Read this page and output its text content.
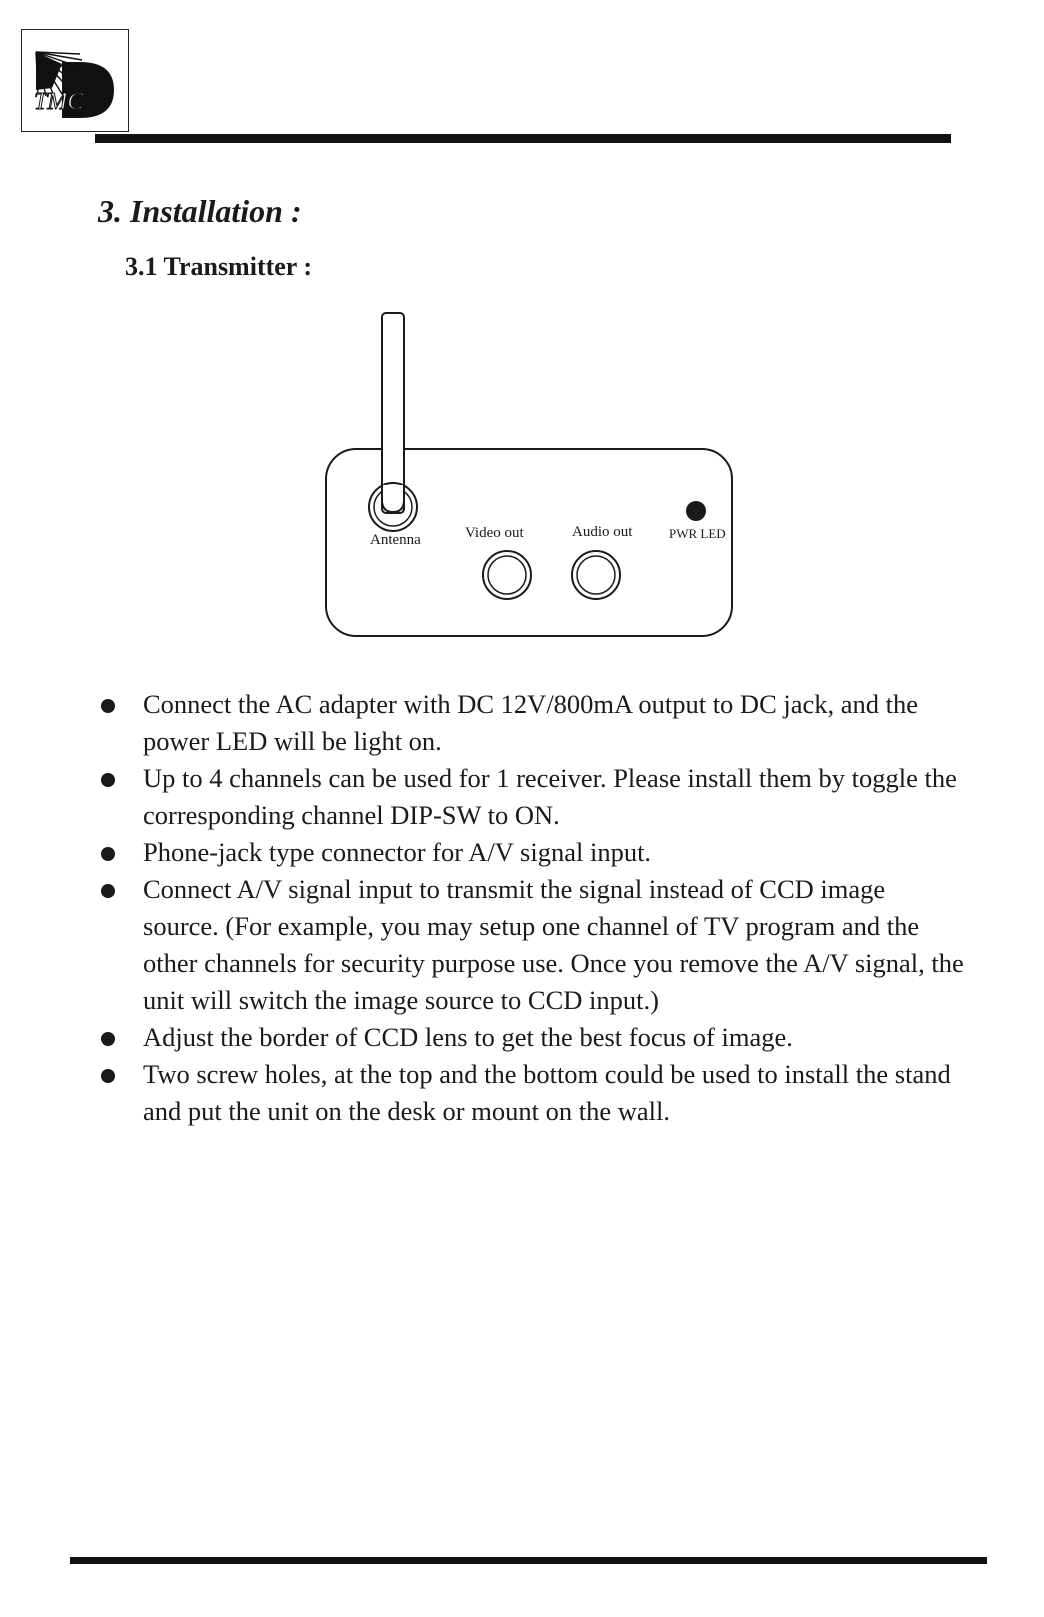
TMC
3. Installation :
3.1 Transmitter :
Antenna	Video out	Audio out	PWR LED
Connect the AC adapter with DC 12V/800mA output to DC jack, and the power LED will be light on.
Up to 4 channels can be used for 1 receiver. Please install them by toggle the corresponding channel DIP-SW to ON.
Phone-jack type connector for A/V signal input.
Connect A/V signal input to transmit the signal instead of CCD image source. (For example, you may setup one channel of TV program and the other channels for security purpose use. Once you remove the A/V signal, the unit will switch the image source to CCD input.)
Adjust the border of CCD lens to get the best focus of image.
Two screw holes, at the top and the bottom could be used to install the stand and put the unit on the desk or mount on the wall.
